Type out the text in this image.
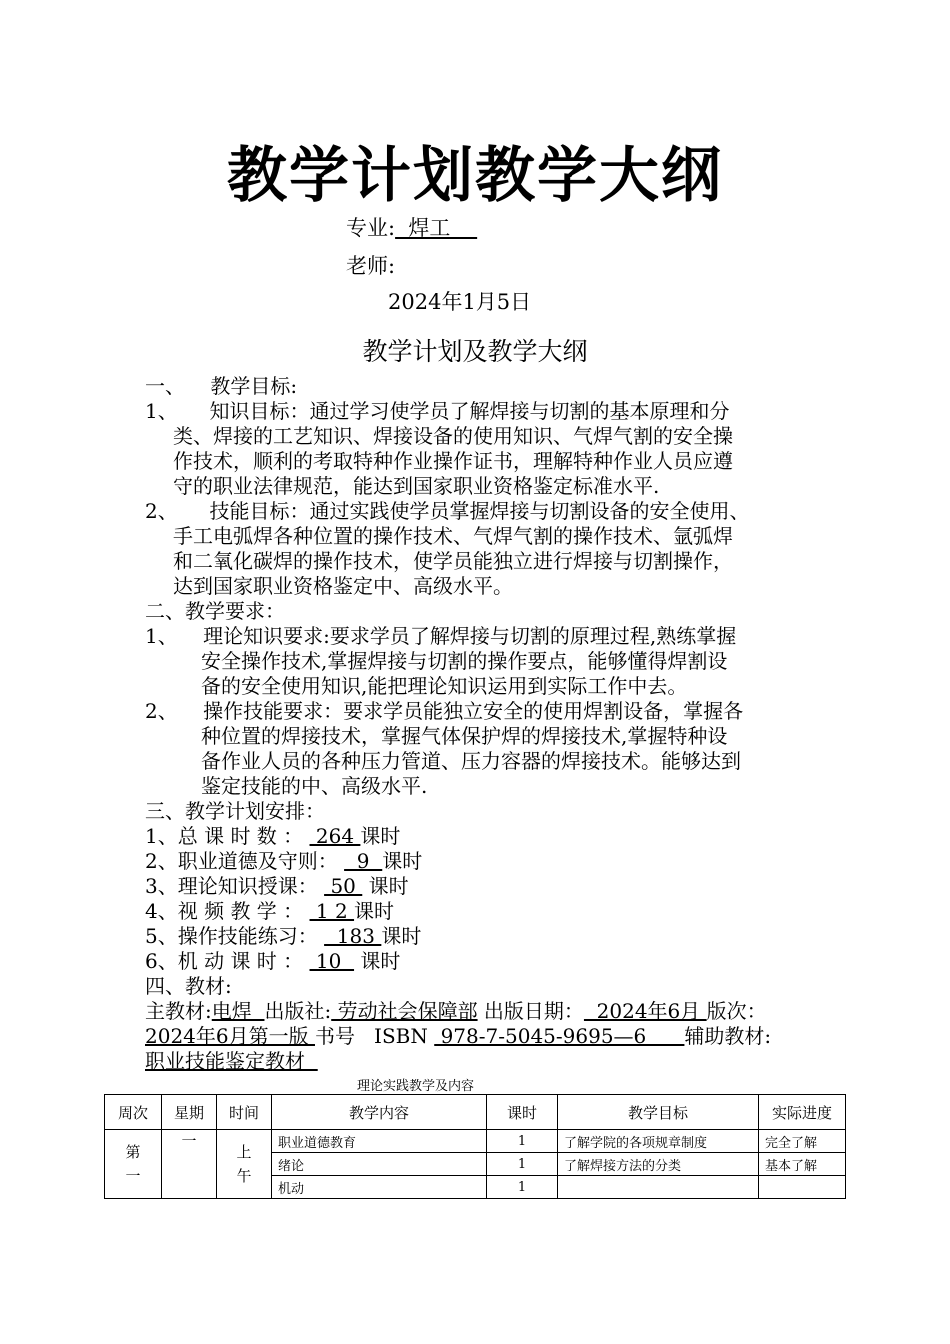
教学计划教学大纲
专业:  焊工
老师:
2024年1月5日
教学计划及教学大纲
一、    教学目标:
1、     知识目标：通过学习使学员了解焊接与切割的基本原理和分
类、焊接的工艺知识、焊接设备的使用知识、气焊气割的安全操
作技术，顺利的考取特种作业操作证书，理解特种作业人员应遵
守的职业法律规范，能达到国家职业资格鉴定标准水平.
2、     技能目标：通过实践使学员掌握焊接与切割设备的安全使用、
手工电弧焊各种位置的操作技术、气焊气割的操作技术、氩弧焊
和二氧化碳焊的操作技术，使学员能独立进行焊接与切割操作，
达到国家职业资格鉴定中、高级水平。
二、教学要求：
1、    理论知识要求:要求学员了解焊接与切割的原理过程,熟练掌握
安全操作技术,掌握焊接与切割的操作要点，能够懂得焊割设
备的安全使用知识,能把理论知识运用到实际工作中去。
2、    操作技能要求：要求学员能独立安全的使用焊割设备，掌握各
种位置的焊接技术，掌握气体保护焊的焊接技术,掌握特种设
备作业人员的各种压力管道、压力容器的焊接技术。能够达到
鉴定技能的中、高级水平.
三、教学计划安排：
1、总 课 时 数 ：  264 课时
2、职业道德及守则：   9  课时
3、理论知识授课：  50  课时
4、视 频 教 学 ：  1 2 课时
5、操作技能练习：   183 课时
6、机 动 课 时 ：  10   课时
四、教材:
主教材:电焊  出版社: 劳动社会保障部 出版日期：  2024年6月 版次：
2024年6月第一版 书号   ISBN  978-7-5045-9695—6      辅助教材:
职业技能鉴定教材
理论实践教学及内容
周次	星期	时间	教学内容	课时	教学目标	实际进度
第一	一	上午	职业道德教育	1	了解学院的各项规章制度	完全了解
			绪论	1	了解焊接方法的分类	基本了解
			机动	1		
